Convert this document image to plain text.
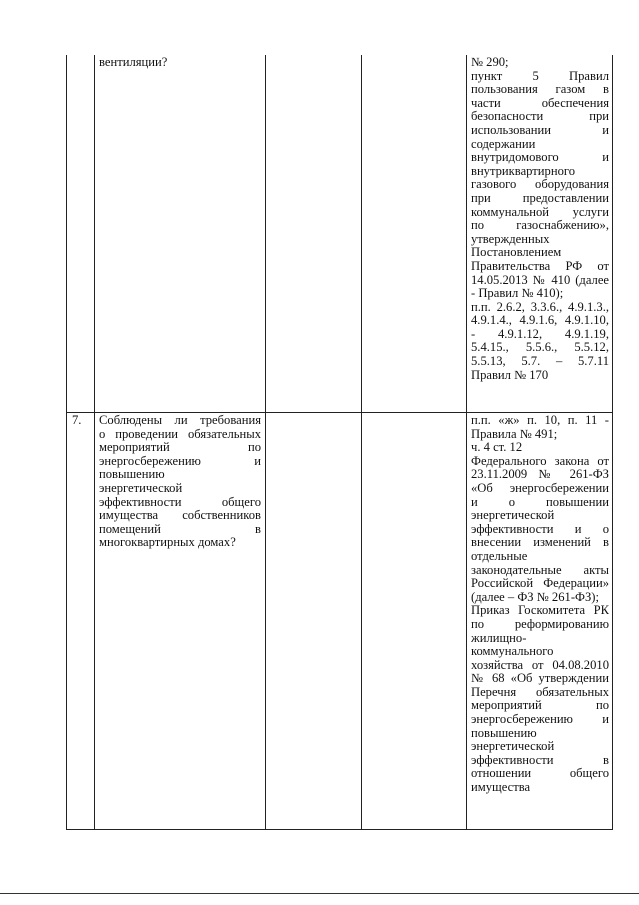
вентиляции?	№ 290;
пункт 5 Правил
пользования газом в
части обеспечения
безопасности при
использовании и
содержании
внутридомового и
внутриквартирного
газового оборудования
при предоставлении
коммунальной услуги
по газоснабжению»,
утвержденных
Постановлением
Правительства РФ от
14.05.2013 № 410 (далее
- Правил № 410);
п.п. 2.6.2, 3.3.6., 4.9.1.3.,
4.9.1.4., 4.9.1.6, 4.9.1.10,
- 4.9.1.12, 4.9.1.19,
5.4.15., 5.5.6., 5.5.12,
5.5.13, 5.7. – 5.7.11
Правил № 170
7.	Соблюдены ли требования
о проведении обязательных
мероприятий по
энергосбережению и
повышению
энергетической
эффективности общего
имущества собственников
помещений в
многоквартирных домах?
п.п. «ж» п. 10, п. 11 -
Правила № 491;
ч. 4 ст. 12
Федерального закона от
23.11.2009 № 261-ФЗ
«Об энергосбережении
и о повышении
энергетической
эффективности и о
внесении изменений в
отдельные
законодательные акты
Российской Федерации»
(далее – ФЗ № 261-ФЗ);
Приказ Госкомитета РК
по реформированию
жилищно-
коммунального
хозяйства от 04.08.2010
№ 68 «Об утверждении
Перечня обязательных
мероприятий по
энергосбережению и
повышению
энергетической
эффективности в
отношении общего
имущества
